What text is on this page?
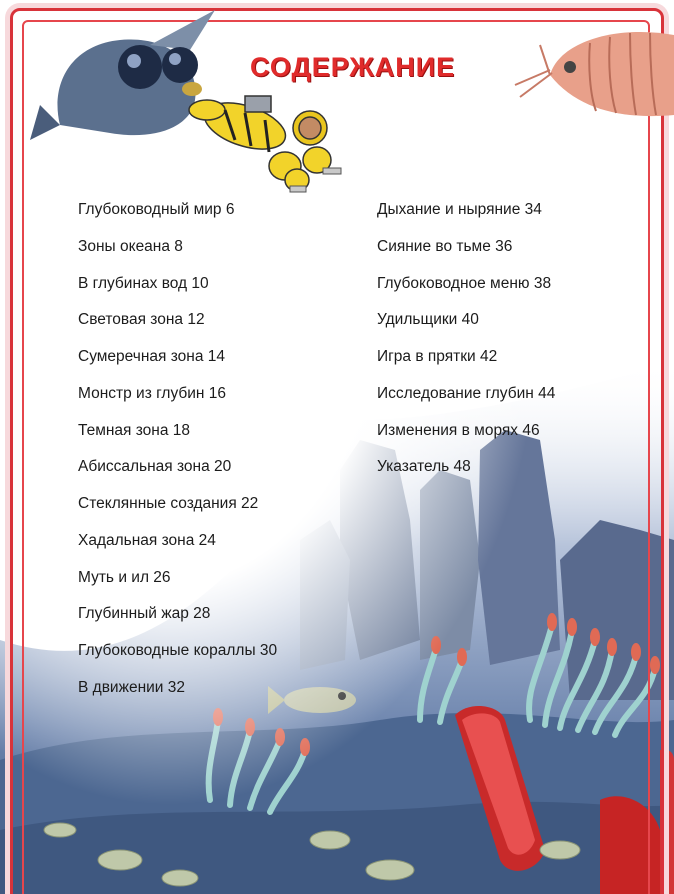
СОДЕРЖАНИЕ
Глубоководный мир 6
Зоны океана 8
В глубинах вод 10
Световая зона 12
Сумеречная зона 14
Монстр из глубин 16
Темная зона 18
Абиссальная зона 20
Стеклянные создания 22
Хадальная зона 24
Муть и ил 26
Глубинный жар 28
Глубоководные кораллы 30
В движении 32
Дыхание и ныряние 34
Сияние во тьме 36
Глубоководное меню 38
Удильщики 40
Игра в прятки 42
Исследование глубин 44
Изменения в морях 46
Указатель 48
